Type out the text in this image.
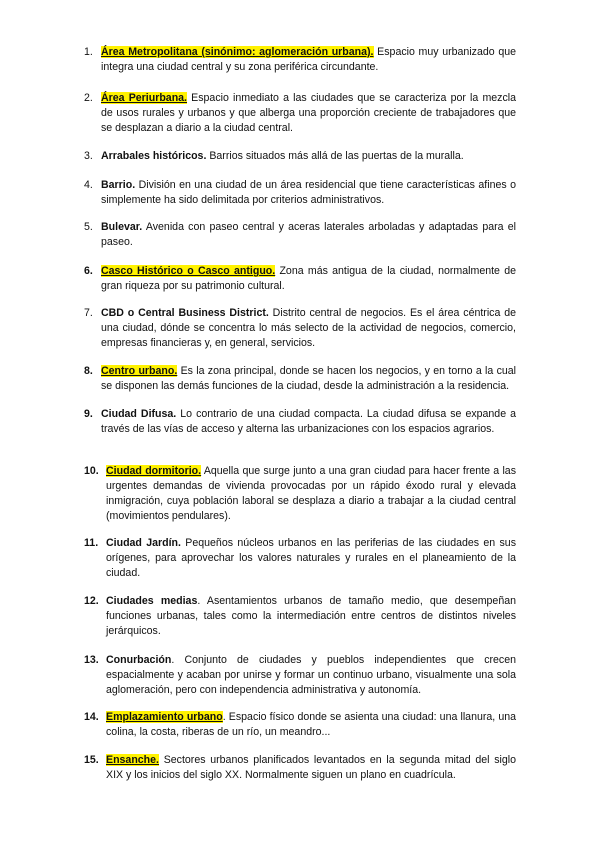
1. Área Metropolitana (sinónimo: aglomeración urbana). Espacio muy urbanizado que integra una ciudad central y su zona periférica circundante.
2. Área Periurbana. Espacio inmediato a las ciudades que se caracteriza por la mezcla de usos rurales y urbanos y que alberga una proporción creciente de trabajadores que se desplazan a diario a la ciudad central.
3. Arrabales históricos. Barrios situados más allá de las puertas de la muralla.
4. Barrio. División en una ciudad de un área residencial que tiene características afines o simplemente ha sido delimitada por criterios administrativos.
5. Bulevar. Avenida con paseo central y aceras laterales arboladas y adaptadas para el paseo.
6. Casco Histórico o Casco antiguo. Zona más antigua de la ciudad, normalmente de gran riqueza por su patrimonio cultural.
7. CBD o Central Business District. Distrito central de negocios. Es el área céntrica de una ciudad, dónde se concentra lo más selecto de la actividad de negocios, comercio, empresas financieras y, en general, servicios.
8. Centro urbano. Es la zona principal, donde se hacen los negocios, y en torno a la cual se disponen las demás funciones de la ciudad, desde la administración a la residencia.
9. Ciudad Difusa. Lo contrario de una ciudad compacta. La ciudad difusa se expande a través de las vías de acceso y alterna las urbanizaciones con los espacios agrarios.
10. Ciudad dormitorio. Aquella que surge junto a una gran ciudad para hacer frente a las urgentes demandas de vivienda provocadas por un rápido éxodo rural y elevada inmigración, cuya población laboral se desplaza a diario a trabajar a la ciudad central (movimientos pendulares).
11. Ciudad Jardín. Pequeños núcleos urbanos en las periferias de las ciudades en sus orígenes, para aprovechar los valores naturales y rurales en el planeamiento de la ciudad.
12. Ciudades medias. Asentamientos urbanos de tamaño medio, que desempeñan funciones urbanas, tales como la intermediación entre centros de distintos niveles jerárquicos.
13. Conurbación. Conjunto de ciudades y pueblos independientes que crecen espacialmente y acaban por unirse y formar un continuo urbano, visualmente una sola aglomeración, pero con independencia administrativa y autonomía.
14. Emplazamiento urbano. Espacio físico donde se asienta una ciudad: una llanura, una colina, la costa, riberas de un río, un meandro...
15. Ensanche. Sectores urbanos planificados levantados en la segunda mitad del siglo XIX y los inicios del siglo XX. Normalmente siguen un plano en cuadrícula.
